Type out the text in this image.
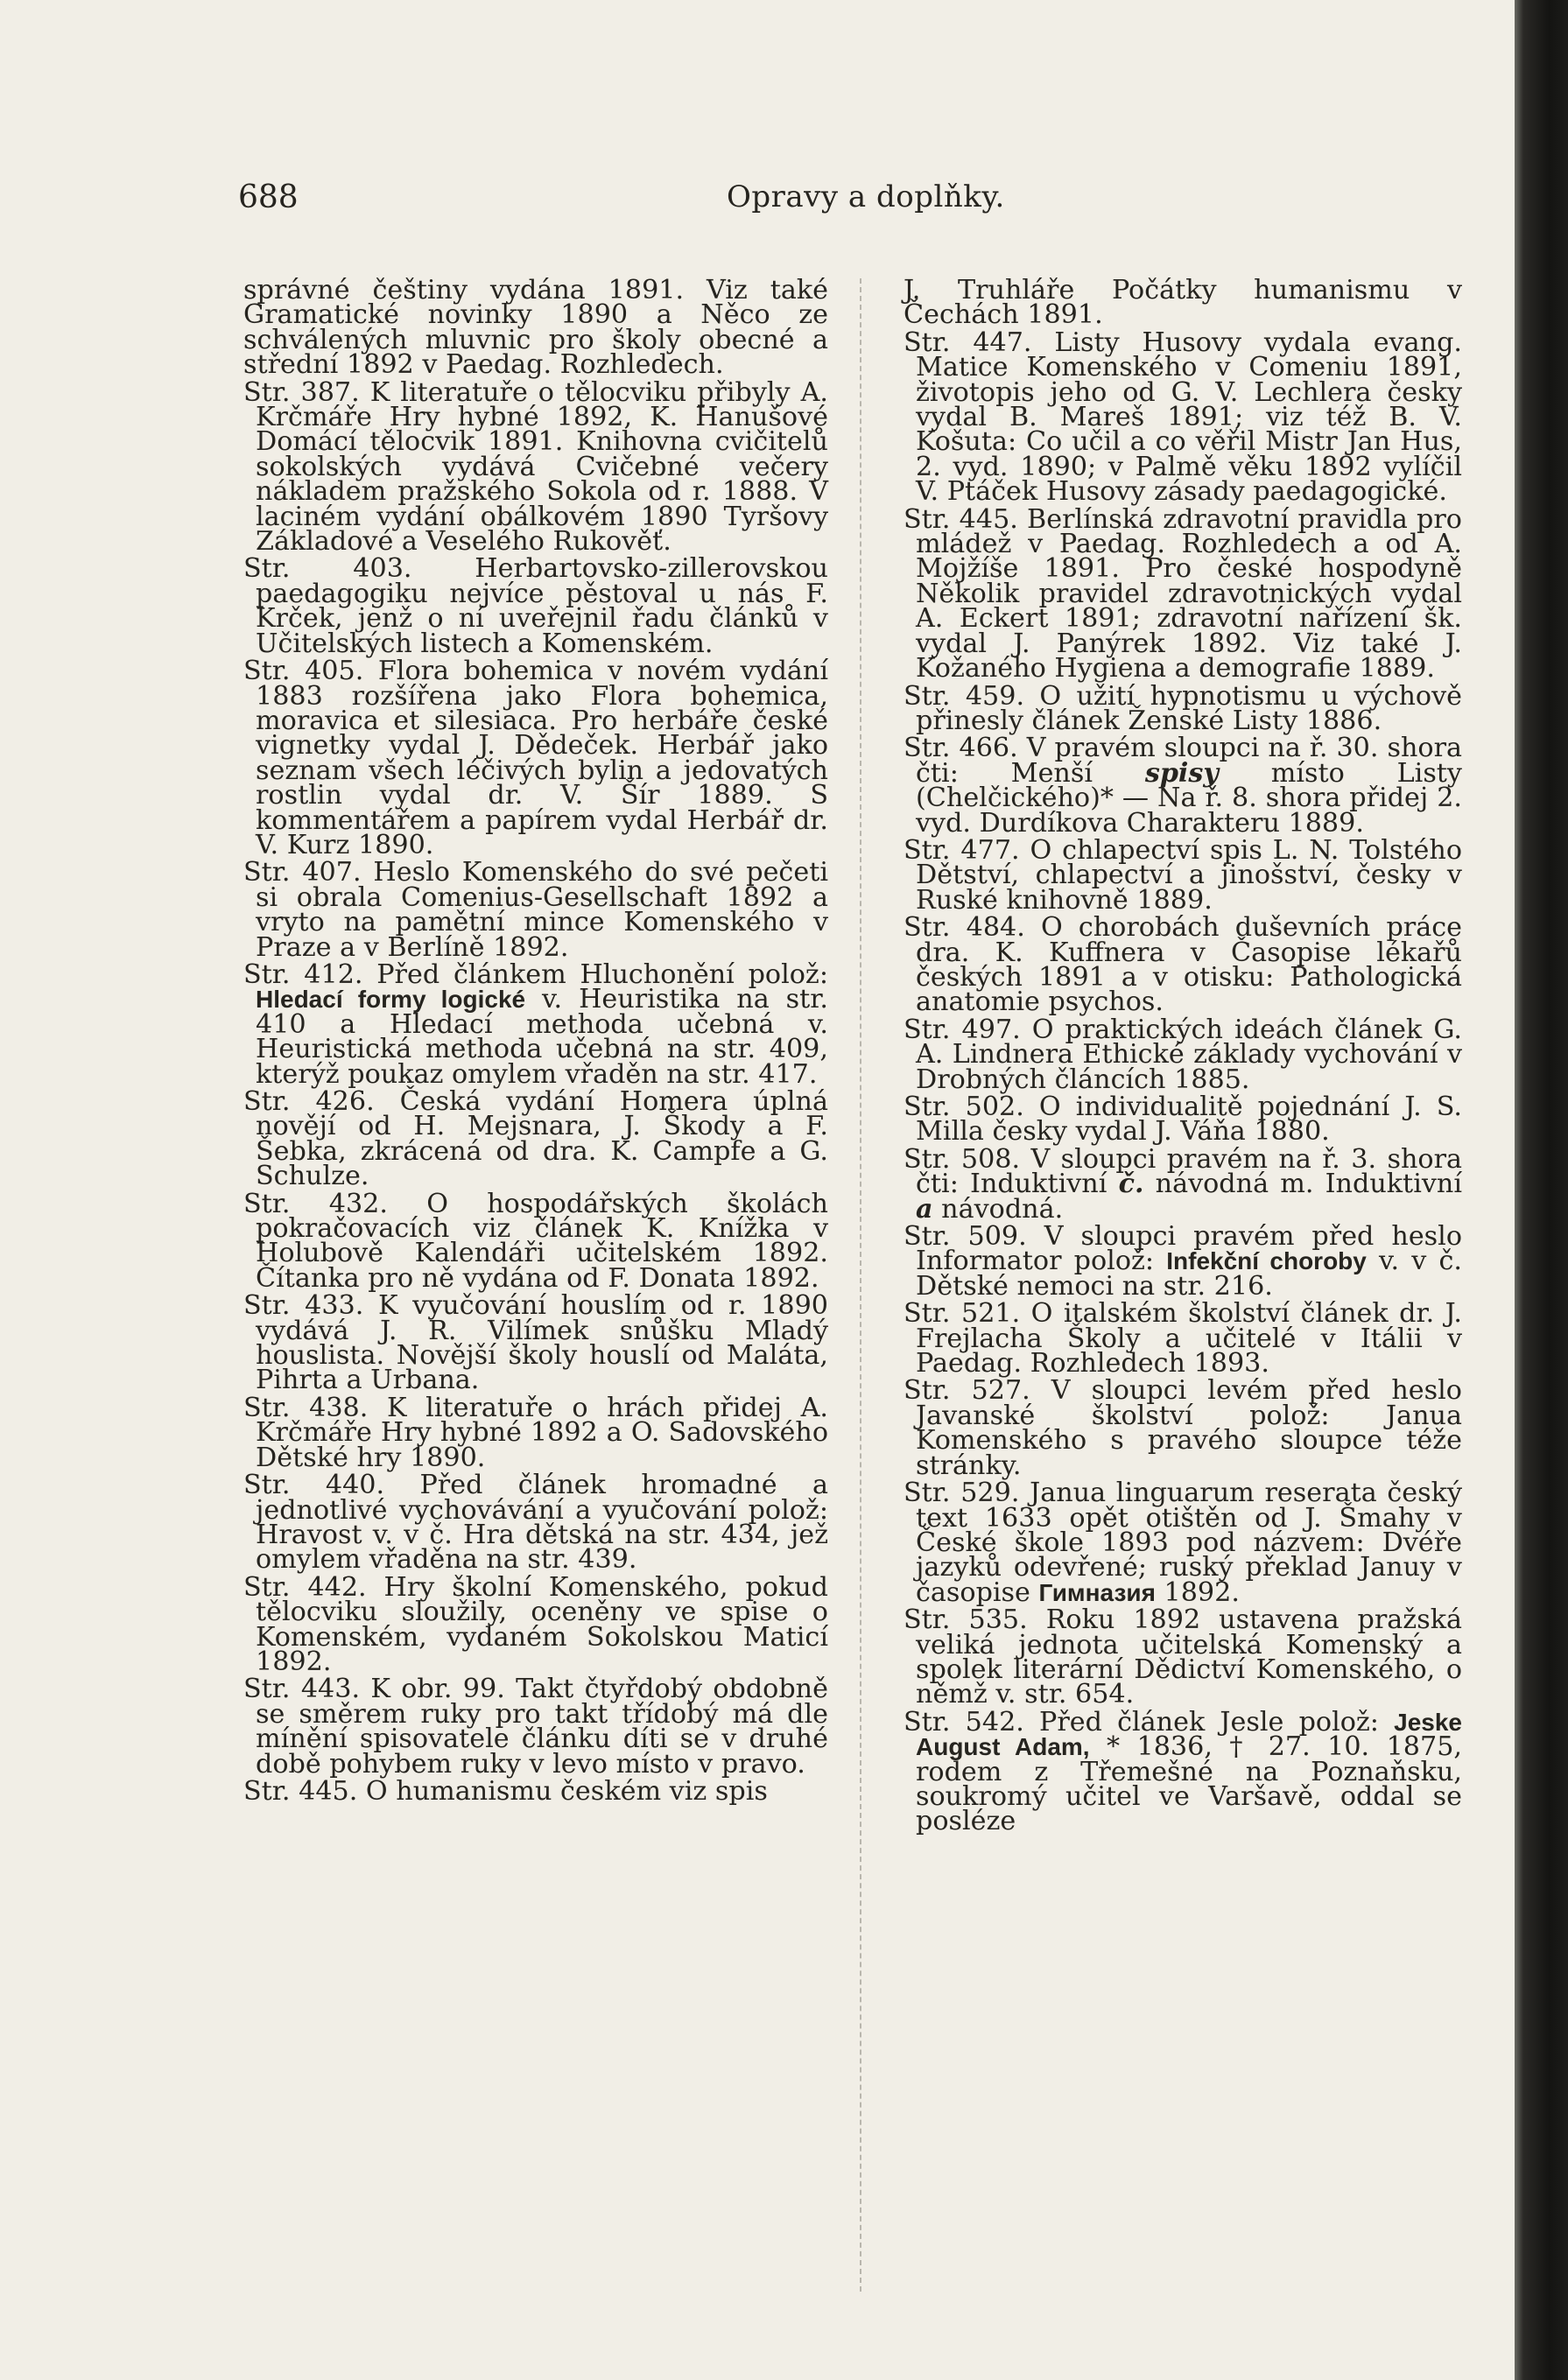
688	Opravy a doplňky.

správné češtiny vydána 1891. Viz také Gramatické novinky 1890 a Něco ze schválených mluvnic pro školy obecné a střední 1892 v Paedag. Rozhledech.

Str. 387. K literatuře o tělocviku přibyly A. Krčmáře Hry hybné 1892, K. Hanušové Domácí tělocvik 1891. Knihovna cvičitelů sokolských vydává Cvičebné večery nákladem pražského Sokola od r. 1888. V laciném vydání obálkovém 1890 Tyršovy Základové a Veselého Rukověť.

Str. 403. Herbartovsko-zillerovskou paedagogiku nejvíce pěstoval u nás F. Krček, jenž o ní uveřejnil řadu článků v Učitelských listech a Komenském.

Str. 405. Flora bohemica v novém vydání 1883 rozšířena jako Flora bohemica, moravica et silesiaca. Pro herbáře české vignetky vydal J. Dědeček. Herbář jako seznam všech léčivých bylin a jedovatých rostlin vydal dr. V. Šír 1889. S kommentářem a papírem vydal Herbář dr. V. Kurz 1890.

Str. 407. Heslo Komenského do své pečeti si obrala Comenius-Gesellschaft 1892 a vryto na pamětní mince Komenského v Praze a v Berlíně 1892.

Str. 412. Před článkem Hluchonění polož: Hledací formy logické v. Heuristika na str. 410 a Hledací methoda učebná v. Heuristická methoda učebná na str. 409, kterýž poukaz omylem vřaděn na str. 417.

Str. 426. Česká vydání Homera úplná novějí od H. Mejsnara, J. Škody a F. Šebka, zkrácená od dra. K. Campfe a G. Schulze.

Str. 432. O hospodářských školách pokračovacích viz článek K. Knížka v Holubově Kalendáři učitelském 1892. Čítanka pro ně vydána od F. Donata 1892.

Str. 433. K vyučování houslím od r. 1890 vydává J. R. Vilímek snůšku Mladý houslista. Novější školy houslí od Maláta, Pihrta a Urbana.

Str. 438. K literatuře o hrách přidej A. Krčmáře Hry hybné 1892 a O. Sadovského Dětské hry 1890.

Str. 440. Před článek hromadné a jednotlivé vychovávání a vyučování polož: Hravost v. v č. Hra dětská na str. 434, jež omylem vřaděna na str. 439.

Str. 442. Hry školní Komenského, pokud tělocviku sloužily, oceněny ve spise o Komenském, vydaném Sokolskou Maticí 1892.

Str. 443. K obr. 99. Takt čtyřdobý obdobně se směrem ruky pro takt třídobý má dle mínění spisovatele článku díti se v druhé době pohybem ruky v levo místo v pravo.

Str. 445. O humanismu českém viz spis

J. Truhláře Počátky humanismu v Čechách 1891.

Str. 447. Listy Husovy vydala evang. Matice Komenského v Comeniu 1891, životopis jeho od G. V. Lechlera česky vydal B. Mareš 1891; viz též B. V. Košuta: Co učil a co věřil Mistr Jan Hus, 2. vyd. 1890; v Palmě věku 1892 vylíčil V. Ptáček Husovy zásady paedagogické.

Str. 445. Berlínská zdravotní pravidla pro mládež v Paedag. Rozhledech a od A. Mojžíše 1891. Pro české hospodyně Několik pravidel zdravotnických vydal A. Eckert 1891; zdravotní nařízení šk. vydal J. Panýrek 1892. Viz také J. Kožaného Hygiena a demografie 1889.

Str. 459. O užití hypnotismu u výchově přinesly článek Ženské Listy 1886.

Str. 466. V pravém sloupci na ř. 30. shora čti: Menší spisy místo Listy (Chelčického)* — Na ř. 8. shora přidej 2. vyd. Durdíkova Charakteru 1889.

Str. 477. O chlapectví spis L. N. Tolstého Dětství, chlapectví a jinošství, česky v Ruské knihovně 1889.

Str. 484. O chorobách duševních práce dra. K. Kuffnera v Časopise lékařů českých 1891 a v otisku: Pathologická anatomie psychos.

Str. 497. O praktických ideách článek G. A. Lindnera Ethické základy vychování v Drobných článcích 1885.

Str. 502. O individualitě pojednání J. S. Milla česky vydal J. Váňa 1880.

Str. 508. V sloupci pravém na ř. 3. shora čti: Induktivní č. návodná m. Induktivní a návodná.

Str. 509. V sloupci pravém před heslo Informator polož: Infekční choroby v. v č. Dětské nemoci na str. 216.

Str. 521. O italském školství článek dr. J. Frejlacha Školy a učitelé v Itálii v Paedag. Rozhledech 1893.

Str. 527. V sloupci levém před heslo Javanské školství polož: Janua Komenského s pravého sloupce téže stránky.

Str. 529. Janua linguarum reserata český text 1633 opět otištěn od J. Šmahy v České škole 1893 pod názvem: Dvéře jazyků odevřené; ruský překlad Januy v časopise Гимназия 1892.

Str. 535. Roku 1892 ustavena pražská veliká jednota učitelská Komenský a spolek literární Dědictví Komenského, o němž v. str. 654.

Str. 542. Před článek Jesle polož: Jeske August Adam, * 1836, † 27. 10. 1875, rodem z Třemešné na Poznaňsku, soukromý učitel ve Varšavě, oddal se posléze
